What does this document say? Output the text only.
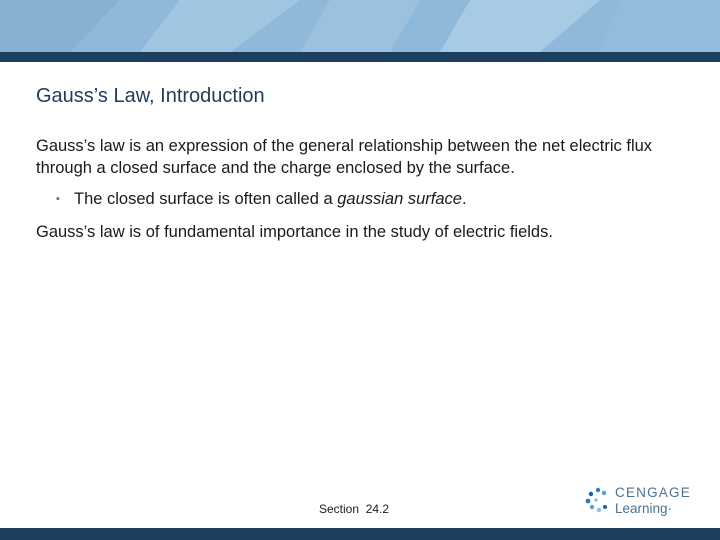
Gauss’s Law, Introduction
Gauss’s law is an expression of the general relationship between the net electric flux through a closed surface and the charge enclosed by the surface.
▪ The closed surface is often called a gaussian surface.
Gauss’s law is of fundamental importance in the study of electric fields.
Section  24.2
CENGAGE
Learning·
